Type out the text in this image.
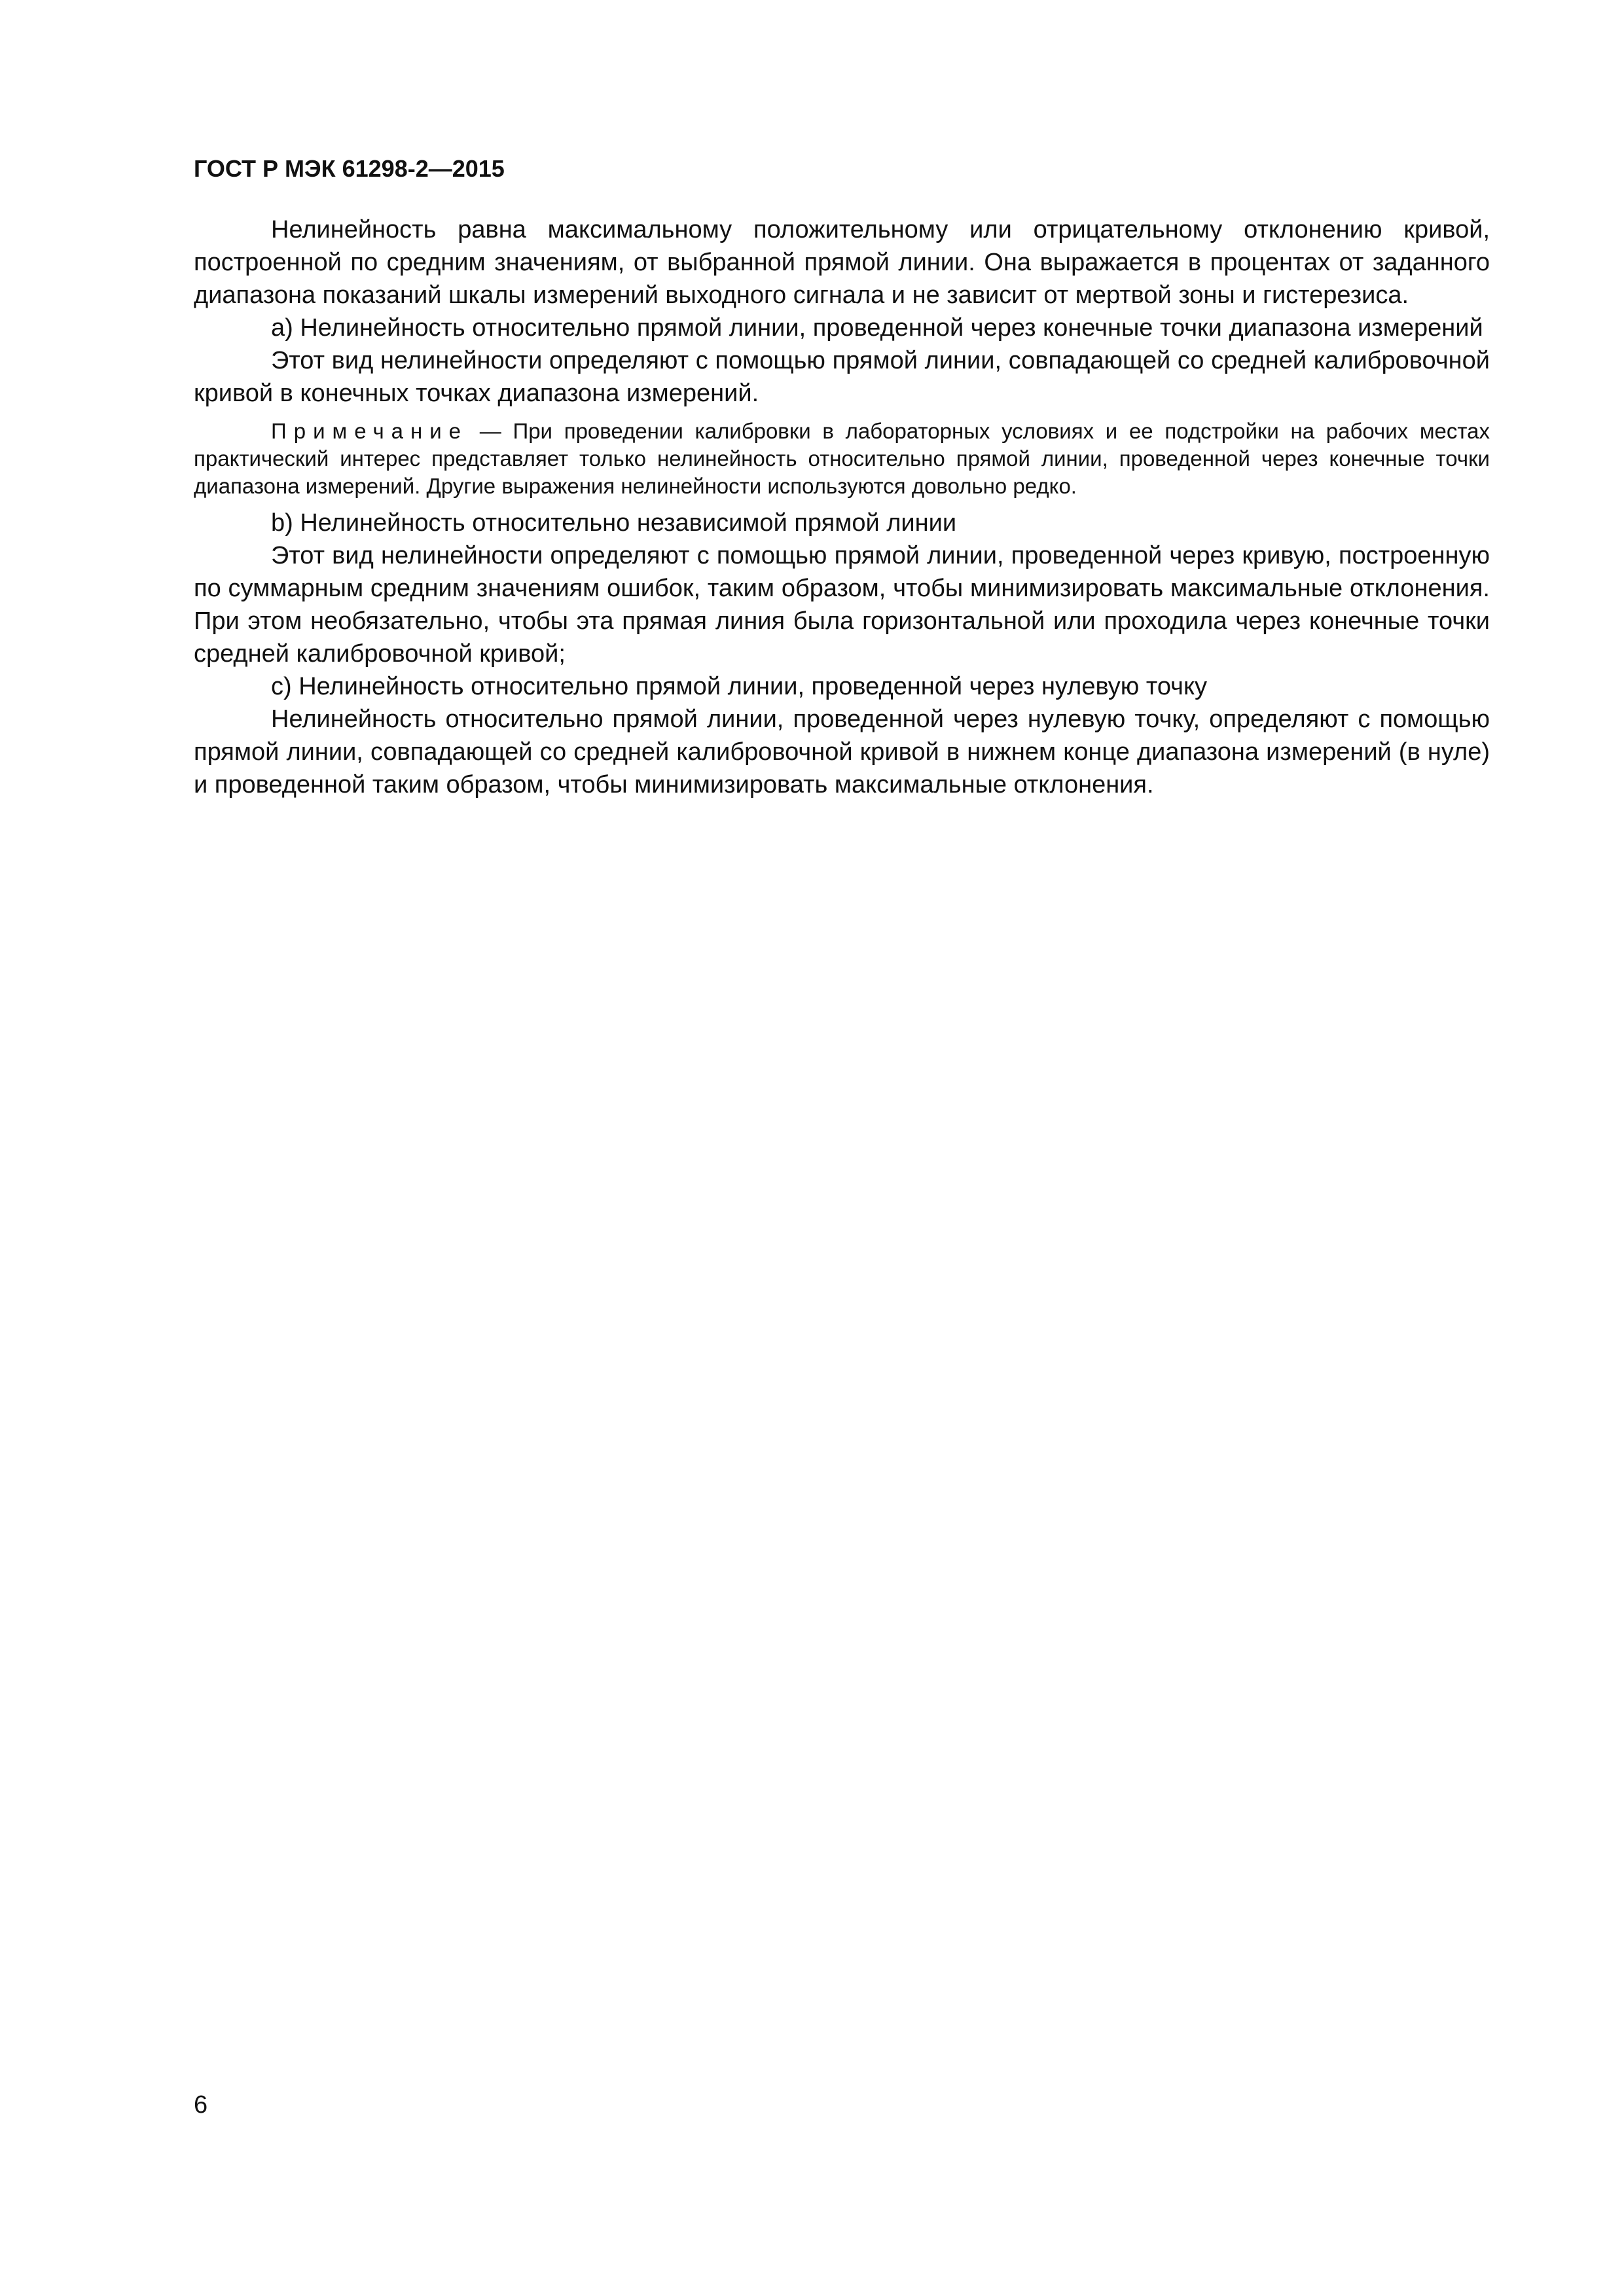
ГОСТ Р МЭК 61298-2—2015

Нелинейность равна максимальному положительному или отрицательному отклонению кривой, построенной по средним значениям, от выбранной прямой линии. Она выражается в процентах от заданного диапазона показаний шкалы измерений выходного сигнала и не зависит от мертвой зоны и гистерезиса.

a) Нелинейность относительно прямой линии, проведенной через конечные точки диапазона измерений

Этот вид нелинейности определяют с помощью прямой линии, совпадающей со средней калибровочной кривой в конечных точках диапазона измерений.

Примечание — При проведении калибровки в лабораторных условиях и ее подстройки на рабочих местах практический интерес представляет только нелинейность относительно прямой линии, проведенной через конечные точки диапазона измерений. Другие выражения нелинейности используются довольно редко.

b) Нелинейность относительно независимой прямой линии

Этот вид нелинейности определяют с помощью прямой линии, проведенной через кривую, построенную по суммарным средним значениям ошибок, таким образом, чтобы минимизировать максимальные отклонения. При этом необязательно, чтобы эта прямая линия была горизонтальной или проходила через конечные точки средней калибровочной кривой;

c) Нелинейность относительно прямой линии, проведенной через нулевую точку

Нелинейность относительно прямой линии, проведенной через нулевую точку, определяют с помощью прямой линии, совпадающей со средней калибровочной кривой в нижнем конце диапазона измерений (в нуле) и проведенной таким образом, чтобы минимизировать максимальные отклонения.

6
